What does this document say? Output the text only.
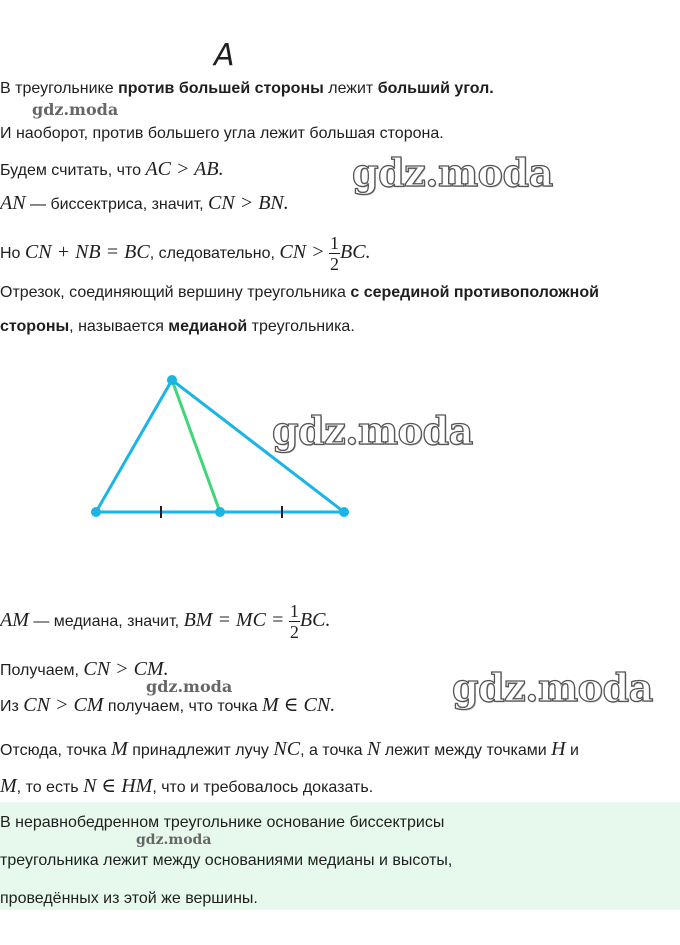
А
В треугольнике против большей стороны лежит больший угол.
gdz.moda
И наоборот, против большего угла лежит большая сторона.
Будем считать, что AC > AB.	gdz.moda
AN — биссектриса, значит, CN > BN.
Но CN + NB = BC, следовательно, CN > $\frac{1}{2}$ BC.
Отрезок, соединяющий вершину треугольника с серединой противоположной
стороны, называется медианой треугольника.
gdz.moda
AM — медиана, значит, BM = MC = $\frac{1}{2}$ BC.
Получаем, CN > CM.
gdz.moda	gdz.moda
Из CN > CM получаем, что точка M ∈ CN.
Отсюда, точка M принадлежит лучу NC, а точка N лежит между точками H и
M, то есть N ∈ HM, что и требовалось доказать.
В неравнобедренном треугольнике основание биссектрисы
gdz.moda
треугольника лежит между основаниями медианы и высоты,
проведённых из этой же вершины.
